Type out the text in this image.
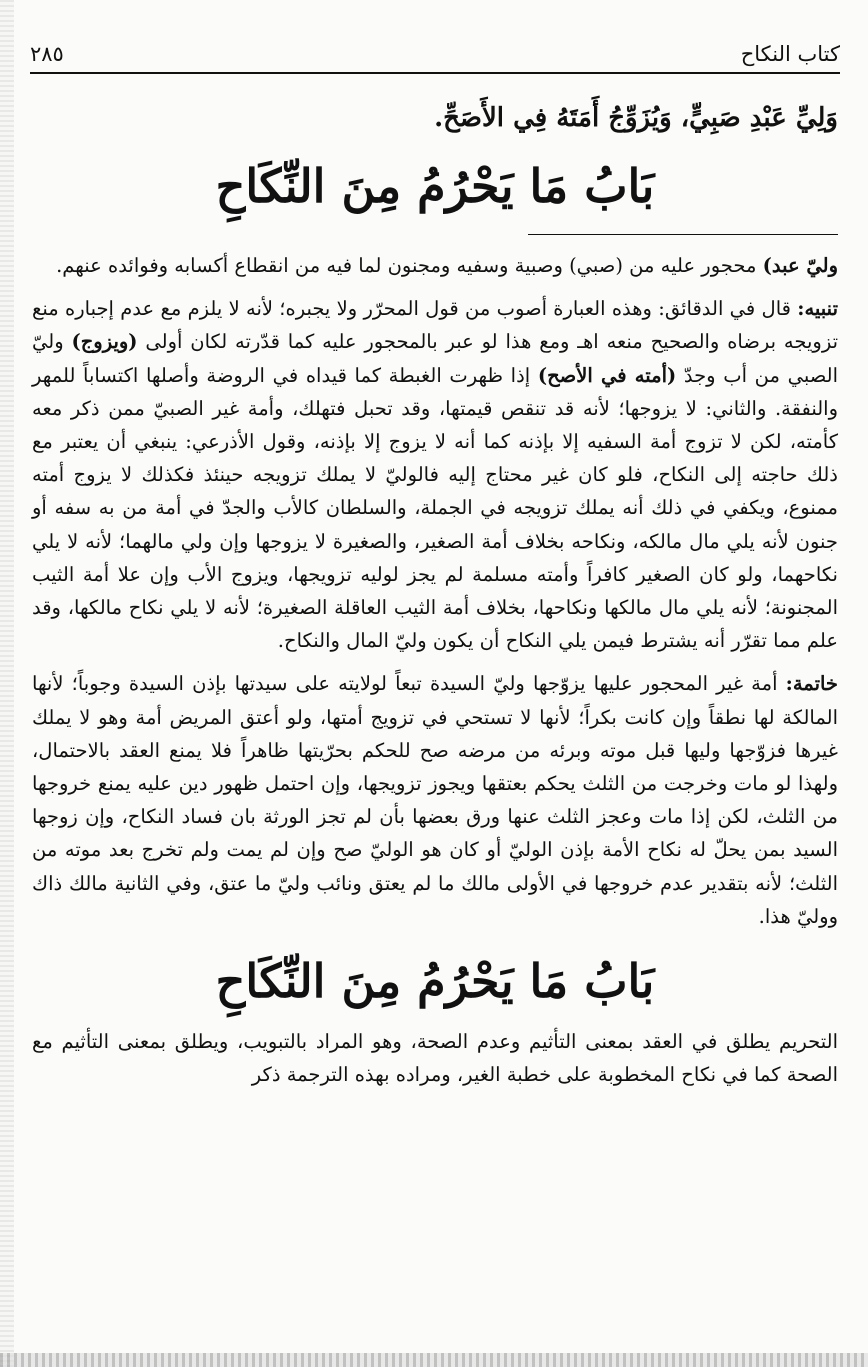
٢٨٥	كتاب النكاح
وَلِيِّ عَبْدِ صَبِيٍّ، وَيُزَوِّجُ أَمَتَهُ فِي الأَصَحِّ.
بَابُ مَا يَحْرُمُ مِنَ النِّكَاحِ

وليّ عبد) محجور عليه من (صبي) وصبية وسفيه ومجنون لما فيه من انقطاع أكسابه وفوائده عنهم.

تنبيه: قال في الدقائق: وهذه العبارة أصوب من قول المحرّر ولا يجبره؛ لأنه لا يلزم مع عدم إجباره منع تزويجه برضاه والصحيح منعه اهـ ومع هذا لو عبر بالمحجور عليه كما قدّرته لكان أولى (ويزوج) وليّ الصبي من أب وجدّ (أمته في الأصح) إذا ظهرت الغبطة كما قيداه في الروضة وأصلها اكتساباً للمهر والنفقة. والثاني: لا يزوجها؛ لأنه قد تنقص قيمتها، وقد تحبل فتهلك، وأمة غير الصبيّ ممن ذكر معه كأمته، لكن لا تزوج أمة السفيه إلا بإذنه كما أنه لا يزوج إلا بإذنه، وقول الأذرعي: ينبغي أن يعتبر مع ذلك حاجته إلى النكاح، فلو كان غير محتاج إليه فالوليّ لا يملك تزويجه حينئذ فكذلك لا يزوج أمته ممنوع، ويكفي في ذلك أنه يملك تزويجه في الجملة، والسلطان كالأب والجدّ في أمة من به سفه أو جنون لأنه يلي مال مالكه، ونكاحه بخلاف أمة الصغير، والصغيرة لا يزوجها وإن ولي مالهما؛ لأنه لا يلي نكاحهما، ولو كان الصغير كافراً وأمته مسلمة لم يجز لوليه تزويجها، ويزوج الأب وإن علا أمة الثيب المجنونة؛ لأنه يلي مال مالكها ونكاحها، بخلاف أمة الثيب العاقلة الصغيرة؛ لأنه لا يلي نكاح مالكها، وقد علم مما تقرّر أنه يشترط فيمن يلي النكاح أن يكون وليّ المال والنكاح.

خاتمة: أمة غير المحجور عليها يزوّجها وليّ السيدة تبعاً لولايته على سيدتها بإذن السيدة وجوباً؛ لأنها المالكة لها نطقاً وإن كانت بكراً؛ لأنها لا تستحي في تزويج أمتها، ولو أعتق المريض أمة وهو لا يملك غيرها فزوّجها وليها قبل موته وبرئه من مرضه صح للحكم بحرّيتها ظاهراً فلا يمنع العقد بالاحتمال، ولهذا لو مات وخرجت من الثلث يحكم بعتقها ويجوز تزويجها، وإن احتمل ظهور دين عليه يمنع خروجها من الثلث، لكن إذا مات وعجز الثلث عنها ورق بعضها بأن لم تجز الورثة بان فساد النكاح، وإن زوجها السيد بمن يحلّ له نكاح الأمة بإذن الوليّ أو كان هو الوليّ صح وإن لم يمت ولم تخرج بعد موته من الثلث؛ لأنه بتقدير عدم خروجها في الأولى مالك ما لم يعتق ونائب وليّ ما عتق، وفي الثانية مالك ذاك ووليّ هذا.

بَابُ مَا يَحْرُمُ مِنَ النِّكَاحِ

التحريم يطلق في العقد بمعنى التأثيم وعدم الصحة، وهو المراد بالتبويب، ويطلق بمعنى التأثيم مع الصحة كما في نكاح المخطوبة على خطبة الغير، ومراده بهذه الترجمة ذكر
